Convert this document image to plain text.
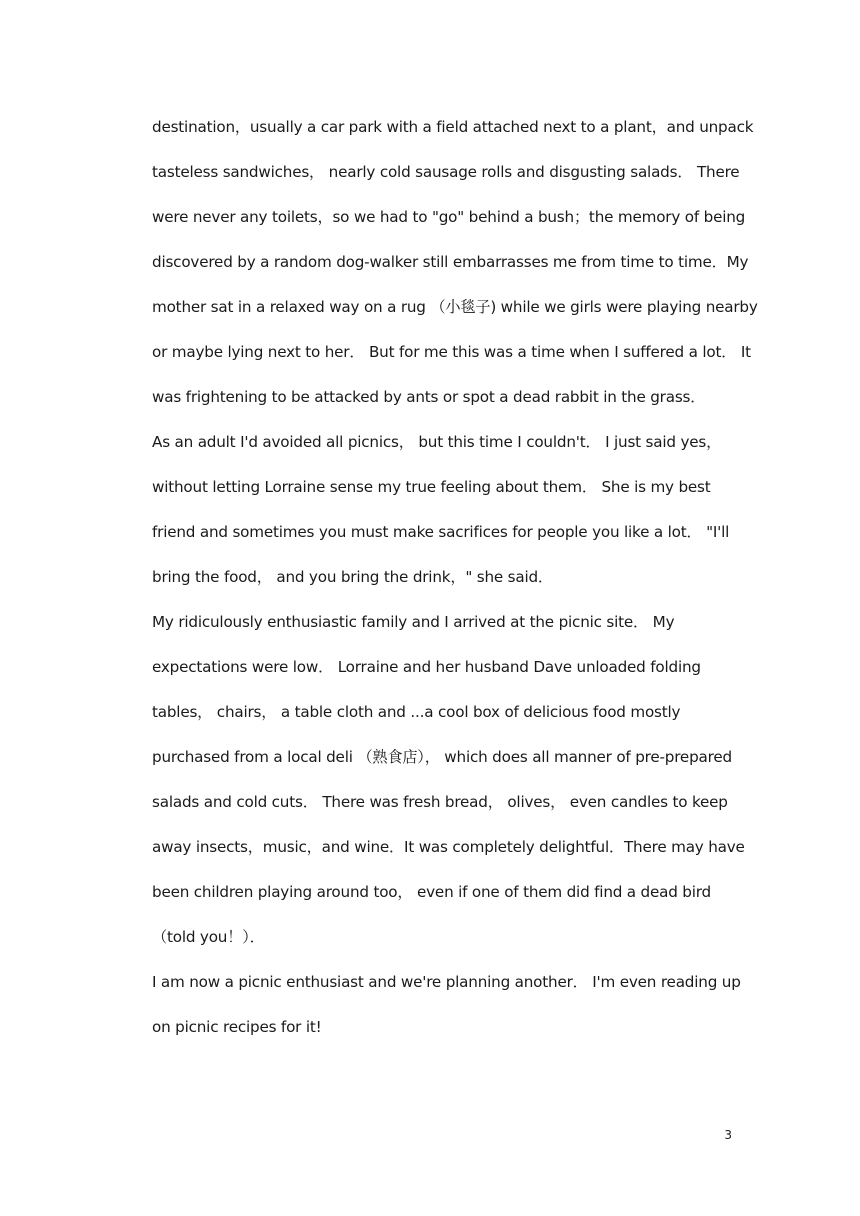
destination，usually a car park with a field attached next to a plant，and unpack
tasteless sandwiches， nearly cold sausage rolls and disgusting salads． There
were never any toilets，so we had to "go" behind a bush；the memory of being
discovered by a random dog-walker still embarrasses me from time to time．My
mother sat in a relaxed way on a rug （小毯子) while we girls were playing nearby
or maybe lying next to her． But for me this was a time when I suffered a lot． It
was frightening to be attacked by ants or spot a dead rabbit in the grass．
As an adult I'd avoided all picnics， but this time I couldn't． I just said yes，
without letting Lorraine sense my true feeling about them． She is my best
friend and sometimes you must make sacrifices for people you like a lot． "I'll
bring the food， and you bring the drink，" she said．
My ridiculously enthusiastic family and I arrived at the picnic site． My
expectations were low． Lorraine and her husband Dave unloaded folding
tables， chairs， a table cloth and ...a cool box of delicious food mostly
purchased from a local deli （熟食店）， which does all manner of pre-prepared
salads and cold cuts． There was fresh bread， olives， even candles to keep
away insects，music，and wine．It was completely delightful．There may have
been children playing around too， even if one of them did find a dead bird
（told you！）．
I am now a picnic enthusiast and we're planning another． I'm even reading up
on picnic recipes for it!
3
